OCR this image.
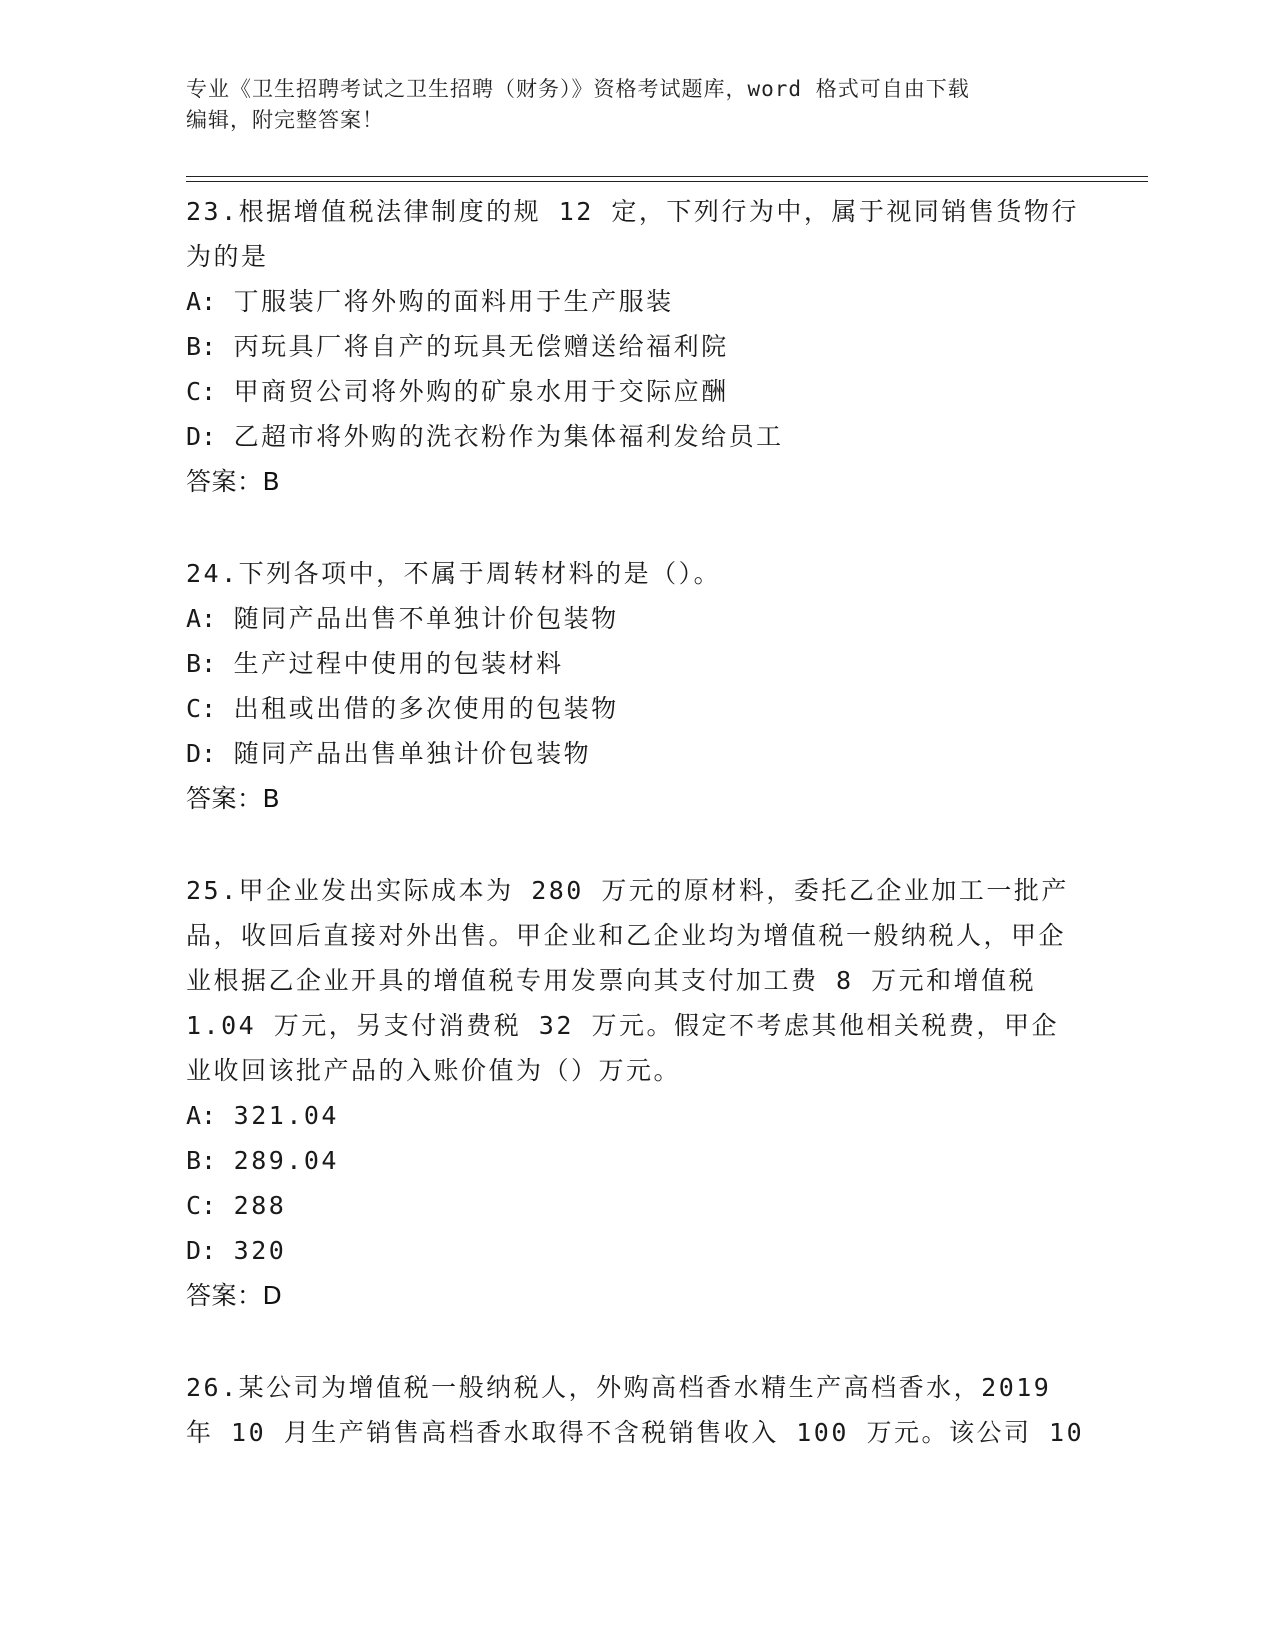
专业《卫生招聘考试之卫生招聘（财务）》资格考试题库，word 格式可自由下载
编辑，附完整答案！
23.根据增值税法律制度的规 12 定，下列行为中，属于视同销售货物行为的是
A: 丁服装厂将外购的面料用于生产服装
B: 丙玩具厂将自产的玩具无偿赠送给福利院
C: 甲商贸公司将外购的矿泉水用于交际应酬
D: 乙超市将外购的洗衣粉作为集体福利发给员工
答案：B
24.下列各项中，不属于周转材料的是（）。
A: 随同产品出售不单独计价包装物
B: 生产过程中使用的包装材料
C: 出租或出借的多次使用的包装物
D: 随同产品出售单独计价包装物
答案：B
25.甲企业发出实际成本为 280 万元的原材料，委托乙企业加工一批产品，收回后直接对外出售。甲企业和乙企业均为增值税一般纳税人，甲企业根据乙企业开具的增值税专用发票向其支付加工费 8 万元和增值税 1.04 万元，另支付消费税 32 万元。假定不考虑其他相关税费，甲企业收回该批产品的入账价值为（）万元。
A: 321.04
B: 289.04
C: 288
D: 320
答案：D
26.某公司为增值税一般纳税人，外购高档香水精生产高档香水，2019 年 10 月生产销售高档香水取得不含税销售收入 100 万元。该公司 10
